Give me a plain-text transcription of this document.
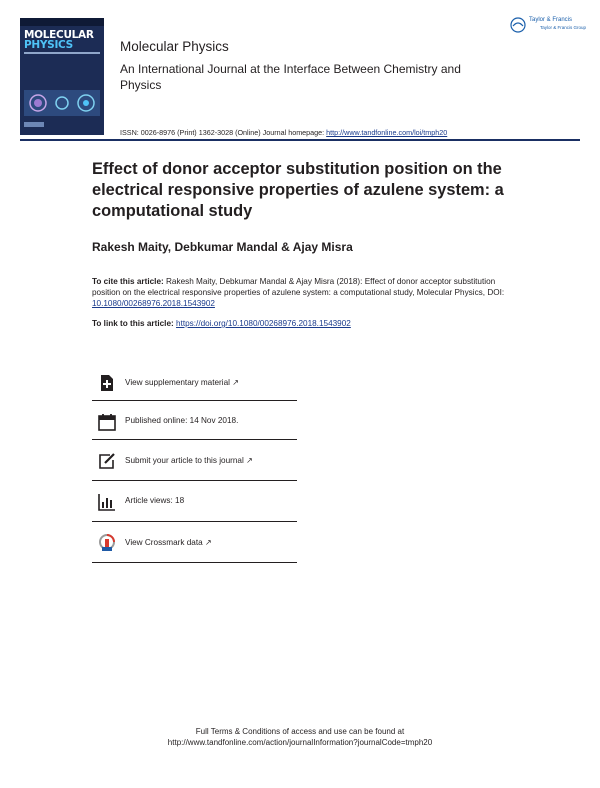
MOLECULAR
PHYSICS	Molecular Physics
An International Journal at the Interface Between Chemistry and Physics
ISSN: 0026-8976 (Print) 1362-3028 (Online) Journal homepage: http://www.tandfonline.com/loi/tmph20
Taylor & Francis
Taylor & Francis Group
Effect of donor acceptor substitution position on the electrical responsive properties of azulene system: a computational study
Rakesh Maity, Debkumar Mandal & Ajay Misra
To cite this article: Rakesh Maity, Debkumar Mandal & Ajay Misra (2018): Effect of donor acceptor substitution position on the electrical responsive properties of azulene system: a computational study, Molecular Physics, DOI: 10.1080/00268976.2018.1543902
To link to this article: https://doi.org/10.1080/00268976.2018.1543902
View supplementary material ↗
Published online: 14 Nov 2018.
Submit your article to this journal ↗
Article views: 18
View Crossmark data ↗
Full Terms & Conditions of access and use can be found at
http://www.tandfonline.com/action/journalInformation?journalCode=tmph20
